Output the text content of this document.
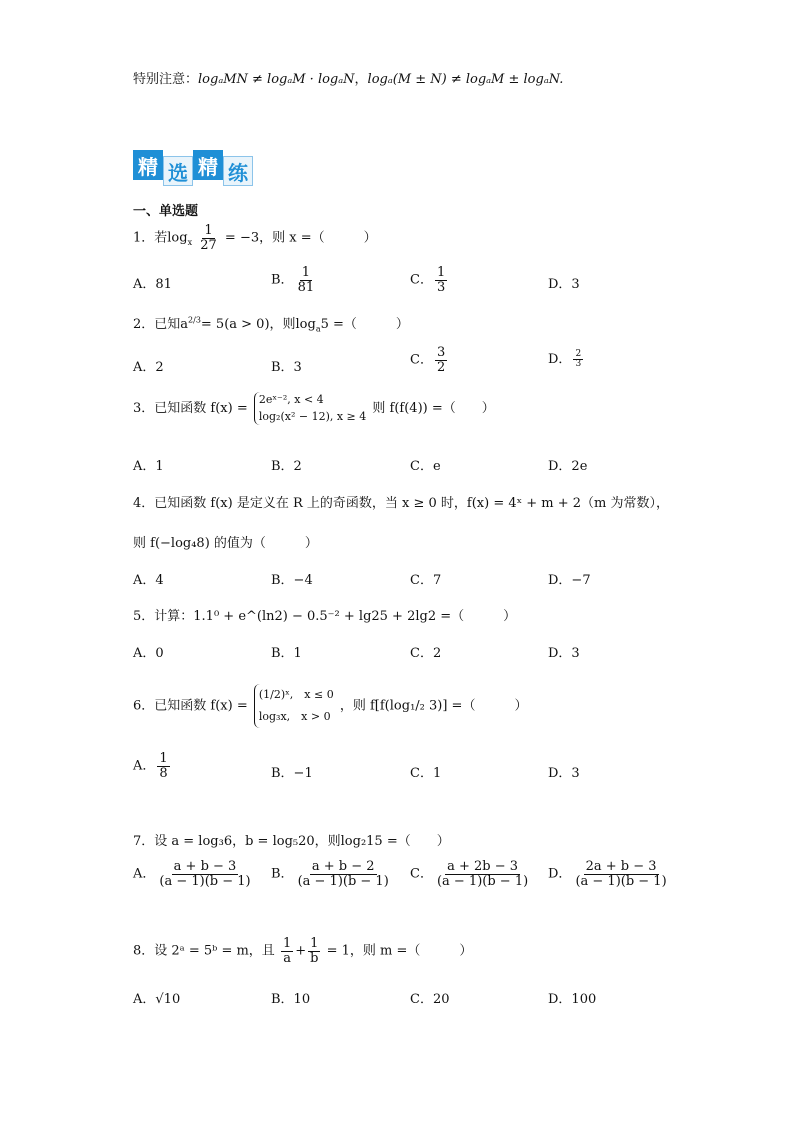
特别注意：logₐMN ≠ logₐM · logₐN，logₐ(M ± N) ≠ logₐM ± logₐN.
精 选 精 练
一、单选题
1．若$\log_x \frac{1}{27} = -3$，则 x =（　　　）
A．81	B． $\frac{1}{81}$	C． $\frac{1}{3}$	D．3
2．已知$a^{2/3}= 5(a > 0)$，则$\log_a5$ =（　　　）
A．2	B．3	C． $\frac{3}{2}$	D． $\frac{2}{3}$
3．已知函数 f(x) = 2eˣ⁻², x < 4
log₂(x² − 12), x ≥ 4 则 f(f(4)) =（　　）
A．1	B．2	C．e	D．2e
4．已知函数 f(x) 是定义在 R 上的奇函数，当 x ≥ 0 时，f(x) = 4ˣ + m + 2（m 为常数），
则 f(−log₄8) 的值为（　　　）
A．4	B．−4	C．7	D．−7
5．计算：1.1⁰ + e^(ln2) − 0.5⁻² + lg25 + 2lg2 =（　　　）
A．0	B．1	C．2	D．3
6．已知函数 f(x) = (1/2)ˣ,　x ≤ 0
log₃x,　x > 0 ，则 f[f(log₁/₂ 3)] =（　　　）
A． $\frac{1}{8}$	B．−1	C．1	D．3
7．设 a = log₃6，b = log₅20，则log₂15 =（　　）
A． $\frac{a + b - 3}{(a - 1)(b - 1)}$ B． $\frac{a + b - 2}{(a - 1)(b - 1)}$ C． $\frac{a + 2b - 3}{(a - 1)(b - 1)}$ D． $\frac{2a + b - 3}{(a - 1)(b - 1)}$
8．设 2ᵃ = 5ᵇ = m，且 $\frac{1}{a} + \frac{1}{b} = 1$，则 m =（　　　）
A．√10	B．10	C．20	D．100
